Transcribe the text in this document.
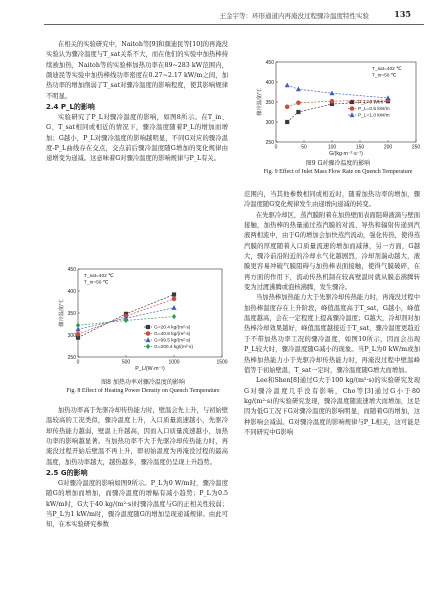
王金宇等：环形通道内再淹没过程骤冷温度特性实验	135

在相关的实验研究中，Naitoh等[9]和颜迪民等[10]的再淹没实验认为骤冷温度与T_sat关系不大，而在他们的实验中加热棒持续被加热，Naitoh等的实验棒加热功率在89~283 kW范围内，颜迪民等实验中加热棒线功率密度在0.27~2.17 kW/m之间，加热功率的增加削弱了T_sat对骤冷温度的影响程度，使其影响规律不明显。

2.4 P_L的影响

实验研究了P_L对骤冷温度的影响，如图8所示。在T_in、G、T_sat相同或相近的情况下，骤冷温度随着P_L的增加而增加；G越小，P_L对骤冷温度的影响越明显，不同G对应的骤冷温度-P_L曲线存在交点，交点前后骤冷温度随G增加的变化规律由递增变为递减。这意味着G对骤冷温度的影响规律与P_L有关。

250
300
350
400
450
0	500	1000	1500
P_L/(W·m⁻¹)
骤冷温度/℃
T_sat=402 ℃
T_in=50 ℃
G=20.4 kg/(m²·s)
G=40.8 kg/(m²·s)
G=99.5 kg/(m²·s)
G=200.4 kg/(m²·s)

图8 加热功率对骤冷温度的影响

Fig. 8 Effect of Heating Power Density on Quench Temperature

加热功率高于先驱冷却传热能力时，壁温会先上升，与初始壁温较高的工况类似，骤冷温度上升，入口质量流速越小，先驱冷却传热能力越弱，壁温上升越高，因而入口质量流速越小，加热功率的影响越显著。当加热功率不大于先驱冷却传热能力时，再淹没过程开始后壁温不再上升，即初始温度为再淹没过程的最高温度，加热功率越大，越热越多，骤冷温度仍呈现上升趋势。

2.5 G的影响

G对骤冷温度的影响如图9所示。P_L为0 W/m时，骤冷温度随G的增加而增加，而骤冷温度的增幅有减小趋势；P_L为0.5 kW/m时，G大于40 kg/(m²·s)时骤冷温度与G的正相关性较弱；当P_L为1 kW/m时，骤冷温度随G的增加呈现递减规律。由此可知，在本实验研究参数

250
300
350
400
450
0	50	100	150	200	250
G/(kg·m⁻²·s⁻¹)
骤冷温度/℃
T_sat=402 ℃
T_in=50 ℃
P_L=0 W/m
P_L=0.5 kW/m
P_L=1.0 kW/m

图9 G对骤冷温度的影响

Fig. 9 Effect of Inlet Mass Flow Rate on Quench Temperature

范围内，当其他参数相同或相近时，随着加热功率的增加，骤冷温度随G变化规律发生由递增向递减的转变。

在先驱冷却区，蒸汽膜附着在加热壁面表面阻碍液滴与壁面接触，加热棒的热量通过蒸汽膜的对流、导热和辐射传递到汽液两相流中，由于G的增加会加快蒸汽流动，强化传热，使得蒸汽膜的厚度随着入口质量流速的增加而减薄，另一方面，G越大，骤冷前沿附近的冷却水气化越剧烈，冷却剂湍动越大，液膜更容易冲破气膜阻碍与加热棒表面接触，使得气膜破碎，在再方面的作用下，流动传热机制在较高壁温时就从膜态沸腾转变为过渡沸腾或泡核沸腾，发生骤冷。

当加热棒加热能力大于先驱冷却传热能力时，再淹没过程中加热棒温度存在上升阶段，峰值温度高于T_sat，G越小，峰值温度越高，会在一定程度上提高骤冷温度；G越大，冷却剂对加热棒冷却效果越好，峰值温度越接近于T_sat，骤冷温度更趋近于不带加热功率工况的骤冷温度，如图10所示，因而会出现P_L较大时，骤冷温度随G减小的现象。当P_L为0 kW/m或加热棒加热能力小于先驱冷却传热能力时，再淹没过程中壁温峰值等于初始壁温，T_sat一定时，骤冷温度随G增大而增加。

Lee和Shen[8]通过G大于100 kg/(m²·s)的实验研究发现G对骤冷温度几乎没有影响，Cho等[3]通过G小于80 kg/(m²·s)的实验研究发现，骤冷温度随流速增大而增加，这是因为低G工况下G对骤冷温度的影响明显，而随着G的增加，这种影响会减弱。G对骤冷温度的影响规律与P_L相关，这可能是不同研究中G影响
